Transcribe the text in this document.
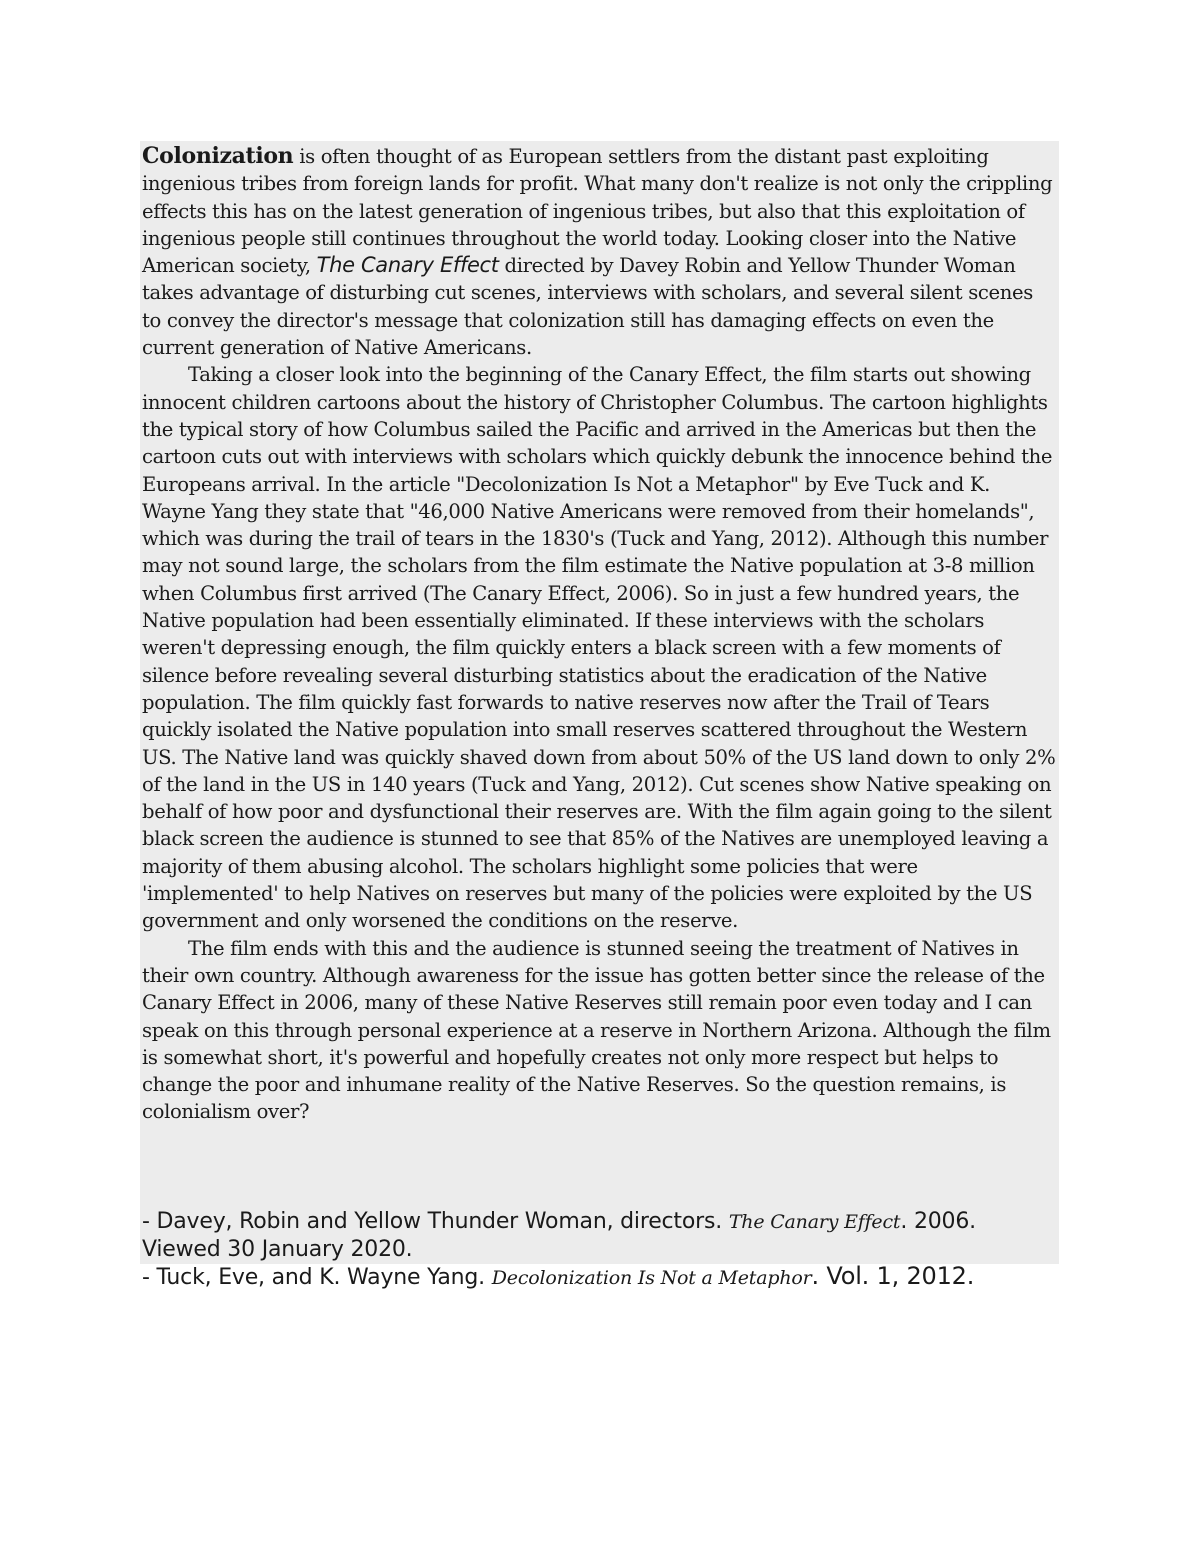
Colonization is often thought of as European settlers from the distant past exploiting ingenious tribes from foreign lands for profit. What many don't realize is not only the crippling effects this has on the latest generation of ingenious tribes, but also that this exploitation of ingenious people still continues throughout the world today. Looking closer into the Native American society, The Canary Effect directed by Davey Robin and Yellow Thunder Woman takes advantage of disturbing cut scenes, interviews with scholars, and several silent scenes to convey the director's message that colonization still has damaging effects on even the current generation of Native Americans.

Taking a closer look into the beginning of the Canary Effect, the film starts out showing innocent children cartoons about the history of Christopher Columbus. The cartoon highlights the typical story of how Columbus sailed the Pacific and arrived in the Americas but then the cartoon cuts out with interviews with scholars which quickly debunk the innocence behind the Europeans arrival. In the article "Decolonization Is Not a Metaphor" by Eve Tuck and K. Wayne Yang they state that "46,000 Native Americans were removed from their homelands", which was during the trail of tears in the 1830's (Tuck and Yang, 2012). Although this number may not sound large, the scholars from the film estimate the Native population at 3-8 million when Columbus first arrived (The Canary Effect, 2006). So in just a few hundred years, the Native population had been essentially eliminated. If these interviews with the scholars weren't depressing enough, the film quickly enters a black screen with a few moments of silence before revealing several disturbing statistics about the eradication of the Native population. The film quickly fast forwards to native reserves now after the Trail of Tears quickly isolated the Native population into small reserves scattered throughout the Western US. The Native land was quickly shaved down from about 50% of the US land down to only 2% of the land in the US in 140 years (Tuck and Yang, 2012). Cut scenes show Native speaking on behalf of how poor and dysfunctional their reserves are. With the film again going to the silent black screen the audience is stunned to see that 85% of the Natives are unemployed leaving a majority of them abusing alcohol. The scholars highlight some policies that were 'implemented' to help Natives on reserves but many of the policies were exploited by the US government and only worsened the conditions on the reserve.

The film ends with this and the audience is stunned seeing the treatment of Natives in their own country. Although awareness for the issue has gotten better since the release of the Canary Effect in 2006, many of these Native Reserves still remain poor even today and I can speak on this through personal experience at a reserve in Northern Arizona. Although the film is somewhat short, it's powerful and hopefully creates not only more respect but helps to change the poor and inhumane reality of the Native Reserves. So the question remains, is colonialism over?

- Davey, Robin and Yellow Thunder Woman, directors. The Canary Effect. 2006. Viewed 30 January 2020.

- Tuck, Eve, and K. Wayne Yang. Decolonization Is Not a Metaphor. Vol. 1, 2012.
